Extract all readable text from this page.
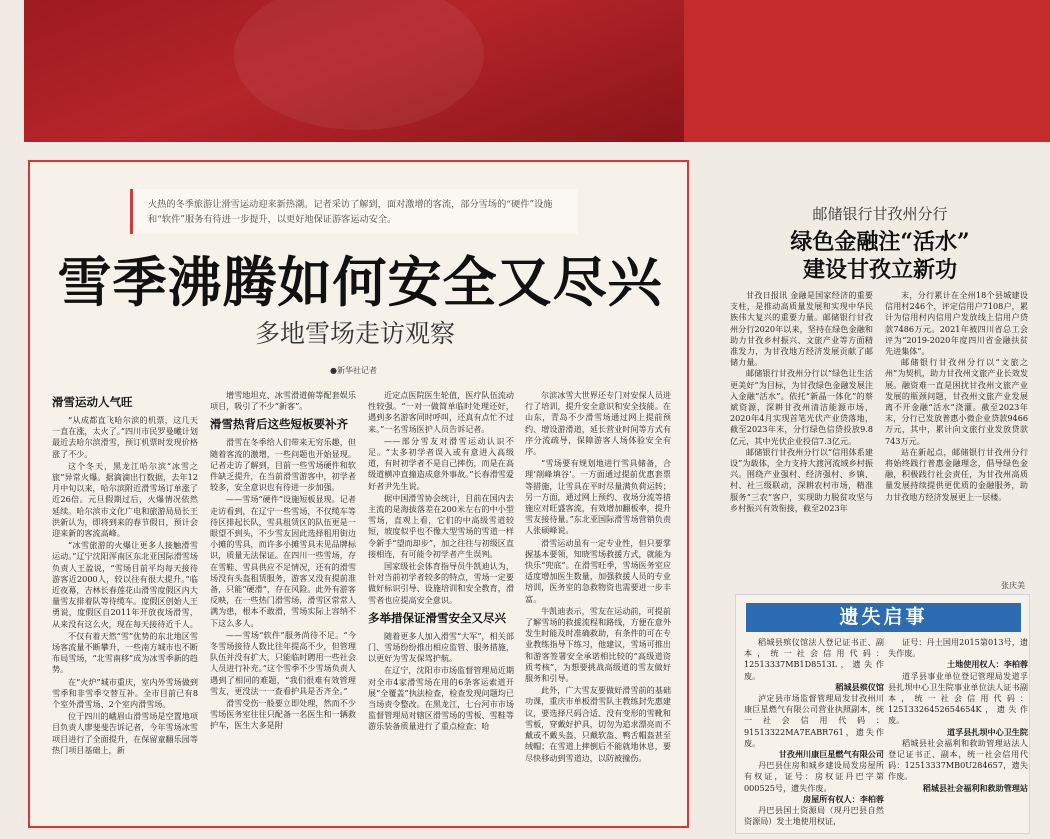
火热的冬季旅游让滑雪运动迎来新热潮。记者采访了解到，面对激增的客流，部分雪场的“硬件”设施和“软件”服务有待进一步提升，以更好地保证游客运动安全。
雪季沸腾如何安全又尽兴
多地雪场走访观察
●新华社记者
滑雪运动人气旺

“从成都直飞哈尔滨的机票，这几天一直在涨，太火了。”四川市民罗曼曦计划最近去哈尔滨滑雪，预订机票时发现价格涨了不少。

这个冬天，黑龙江哈尔滨“冰雪之旅”异常火爆。据滴滴出行数据，去年12月中旬以来，哈尔滨附近滑雪场订单涨了近26倍。元旦假期过后，火爆情况依然延续。哈尔滨市文化广电和旅游局局长王洪新认为，即将到来的春节假日，预计会迎来新的客流高峰。

“冰雪旅游的火爆让更多人接触滑雪运动。”辽宁沈阳浑南区东北亚国际滑雪场负责人王盈说，“雪场目前平均每天接待游客近2000人，较以往有很大提升。”临近夜幕，吉林长春莲花山滑雪度假区内大量雪友排着队等待缆车。度假区创始人王勇说，度假区自2011年开放夜场滑雪，从来没有这么火，现在每天接待近千人。

不仅有着天然“雪”优势的东北地区雪场客流量不断攀升，一些南方城市也不断布局雪场，“北雪南移”成为冰雪季新的趋势。

在“火炉”城市重庆，室内外雪场做到雪季和非雪季交替互补。全市目前已有8个室外滑雪场、2个室内滑雪场。

位于四川的峨眉山滑雪场是空置地项目负责人廖斐斐告诉记者，今年雪场冰雪项目进行了全面提升，在保留童翻乐园等热门项目基础上，新

增雪地坦克、冰雪滑道俯等配套娱乐项目，吸引了不少“新客”。

滑雪热背后这些短板要补齐

滑雪在冬季给人们带来无穷乐趣，但随着客流的激增，一些问题也开始显现。记者走访了解到，目前一些雪场硬件和软件缺乏提升，在当前滑雪游客中，初学者较多，安全意识也有待进一步加强。

——雪场“硬件”设施短板显现。记者走访看到，在辽宁一些雪场，不仅缆车等待区排起长队，雪具租赁区的队伍更是一眼望不到头，不少雪友因此选择租用街边小摊的雪具，而许多小摊雪具未见品牌标识，质量无法保证。在四川一些雪场，存在雪鞋、雪具供应不足情况，还有的滑雪场没有头盔租赁服务，游客又没有提前准备，只能“硬滑”，存在风险。此外有游客反映，在一些热门滑雪场，滑雪区常常人满为患，根本不敢滑，雪场实际上容纳不下这么多人。

——雪场“软件”服务尚待不足。“今冬雪场接待人数比往年提高不少，但管理队伍并没有扩大，只能临时聘用一些社会人员进行补充。”这个雪季不少雪场负责人遇到了相同的难题，“我们很难有效管理雪友，更没法一一查看护具是否齐全。”

滑雪受伤一般要立即处理，然而不少雪场医务室往往只配备一名医生和一辆救护车，医生大多是附

近定点医院医生轮值，医疗队伍流动性较强。“一对一做简单临时处理还好，遇到多名游客同时呼叫，还真有点忙不过来。”一名雪场医护人员告诉记者。

——部分雪友对滑雪运动认识不足。“太多初学者误入或有意进入高级道，有时初学者不是自己摔伤，而是在高级道横冲直撞造成意外事故。”长春滑雪爱好者尹先生说。

据中国滑雪协会统计，目前在国内去主流的是海拔落差在200米左右的中小型雪场，直观上看，它们的中高级雪道较短，坡度似乎也不像大型雪场的雪道一样令新手“望而却步”，加之往往与初级区直接相连，有可能令初学者产生误判。

国家级社会体育指导员牛凯迪认为，针对当前初学者较多的特点，雪场一定要做好标识引导、设施培训和安全教育，滑雪者也应提高安全意识。

多举措保证滑雪安全又尽兴

随着更多人加入滑雪“大军”，相关部门、雪场纷纷推出相应监管、服务措施，以更好为雪友保驾护航。

在辽宁，沈阳市市场监督管理局近期对全市4家滑雪场在用的6条客运索道开展“全覆盖”执法检查，检查发现问题均已当场责令整改。在黑龙江，七台河市市场监督管理局对辖区滑雪场的雪板、雪鞋等游乐装备质量进行了重点检查；哈

尔滨冰雪大世界还专门对安保人员进行了培训，提升安全意识和安全技能。在山东，青岛不少滑雪场通过网上提前预约、增设游滑道，延长营业时间等方式有序分流疏导，保障游客人场体验安全有序。

“雪场要有规划地进行雪具储备，合理‘削峰填谷’。一方面通过提前优惠套票等措施，让雪具在平时尽量满负荷运转；另一方面，通过网上预约、夜场分流等措施应对旺盛客流，有效增加翻板率，提升雪友接待量。”东北亚国际滑雪场营销负责人张硕峰说。

滑雪运动虽有一定专业性，但只要掌握基本要领，知晓雪场救援方式，就能为快乐“兜底”。在滑雪旺季，雪场医务室应适度增加医生数量，加强救援人员的专业培训，医务室的急救物资也需要进一步丰富。

牛凯迪表示，雪友在运动前，可提前了解雪场的救援流程和路线，方便在意外发生时能及时准确救助，有条件的可在专业教练指导下练习，他建议，雪场可推出和游客签署安全承诺相比较的“高级道资质考核”，为想要挑战高级道的雪友做好服务和引导。

此外，广大雪友要做好滑雪前的基础功课，重庆市单板滑雪队主教练封先惠建议，要选择尺码合适、没有变形的雪靴和雪板，穿戴好护具，切勿为追求漂亮而不戴或不戴头盔，只戴软盔、鸭舌帽盔甚至绒帽；在雪道上摔倒后不能就地休息，要尽快移动到雪道边，以防被撞伤。

邮储银行甘孜州分行
绿色金融注“活水”
建设甘孜立新功

甘孜日报讯 金融是国家经济的重要支柱，是推动高质量发展和实现中华民族伟大复兴的重要力量。邮储银行甘孜州分行2020年以来，坚持在绿色金融和助力甘孜乡村振兴、文旅产业等方面精准发力，为甘孜地方经济发展贡献了邮储力量。

邮储银行甘孜州分行以“绿色让生活更美好”为目标，为甘孜绿色金融发展注入金融“活水”。依托“新晶一体化”的蔡斌资源，深耕甘孜州清洁能源市场，2020年4月实现首笔光伏产业贷落地，截至2023年末，分行绿色信贷投放9.8亿元，其中光伏企业投信7.3亿元。

邮储银行甘孜州分行以“信用体系建设”为载体，全力支持大渡河流域乡村振兴。围绕产业强村、经济强村、乡镇、村、社三级联动，深耕农村市场，精准服务“三农”客户，实现助力脱贫攻坚与乡村振兴有效衔接，截至2023年

末，分行累计在全州18个县城建设信用村246个，评定信用户7108户，累计为信用村内信用户发放线上信用户贷款7486万元。2021年被四川省总工会评为“2019-2020年度四川省金融扶贫先进集体”。

邮储银行甘孜州分行以“文旅之州”为契机，助力甘孜州文旅产业长效发展。融资难一直是困扰甘孜州文旅产业发展的瓶颈问题，甘孜州文旅产业发展离不开金融“活水”浇灌。截至2023年末，分行已发放普惠小微企业贷款9466万元，其中，累计向文旅行业发放贷款743万元。

站在新起点，邮储银行甘孜州分行将始终践行普惠金融理念，倡导绿色金融，积极践行社会责任，为甘孜州高质量发展持续提供更优质的金融服务，助力甘孜地方经济发展更上一层楼。

张庆美
遗失启事

稻城县殡仪馆法人登记证书正、副本，统一社会信用代码：12513337MB1D8513L，遗失作废。

稻城县殡仪馆

泸定县市场监督管理局发甘孜州川康巨星燃气有限公司营业执照副本，统一社会信用代码：91513322MA7EABR761，遗失作废。

甘孜州川康巨星燃气有限公司

丹巴县住房和城乡建设局发房屋所有权证，证号：房权证丹巴字第000525号，遗失作废。

房屋所有权人：李柏蓉

丹巴县国土资源局（现丹巴县自然资源局）发土地使用权证，

证号：丹土国用2015第013号，遗失作废。

土地使用权人：李柏蓉

道孚县事业单位登记管理局发道孚县扎坝中心卫生院事业单位法人证书副本，统一社会信用代码：12513326452654654K，遗失作废。

道孚县扎坝中心卫生院

稻城县社会福利和救助管理站法人登记证书正、副本，统一社会信用代码：12513337MB0U284657，遗失作废。

稻城县社会福利和救助管理站
